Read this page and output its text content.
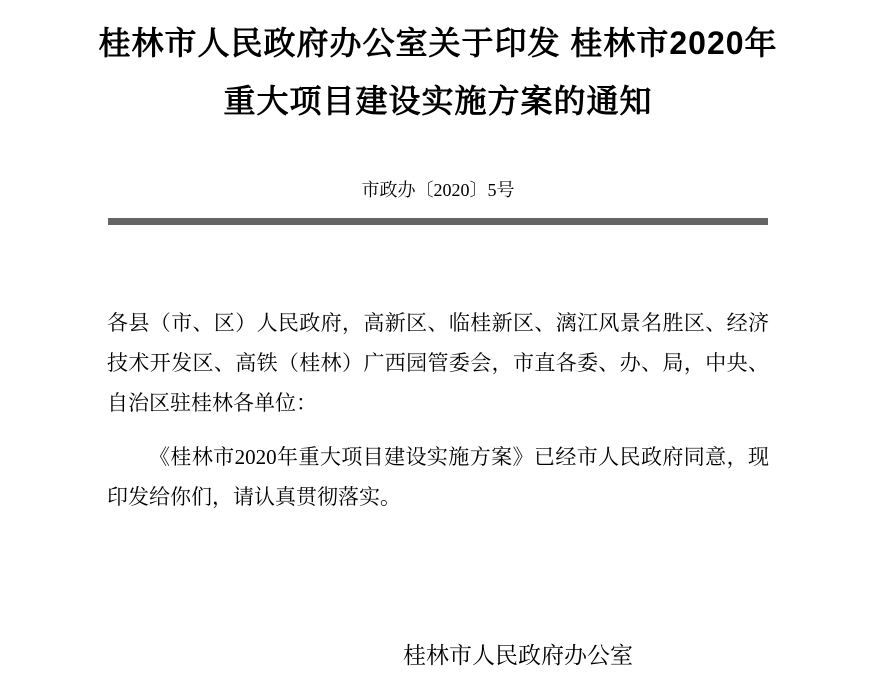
桂林市人民政府办公室关于印发 桂林市2020年
重大项目建设实施方案的通知
市政办〔2020〕5号

各县（市、区）人民政府，高新区、临桂新区、漓江风景名胜区、经济技术开发区、高铁（桂林）广西园管委会，市直各委、办、局，中央、自治区驻桂林各单位：

《桂林市2020年重大项目建设实施方案》已经市人民政府同意，现印发给你们，请认真贯彻落实。

桂林市人民政府办公室
